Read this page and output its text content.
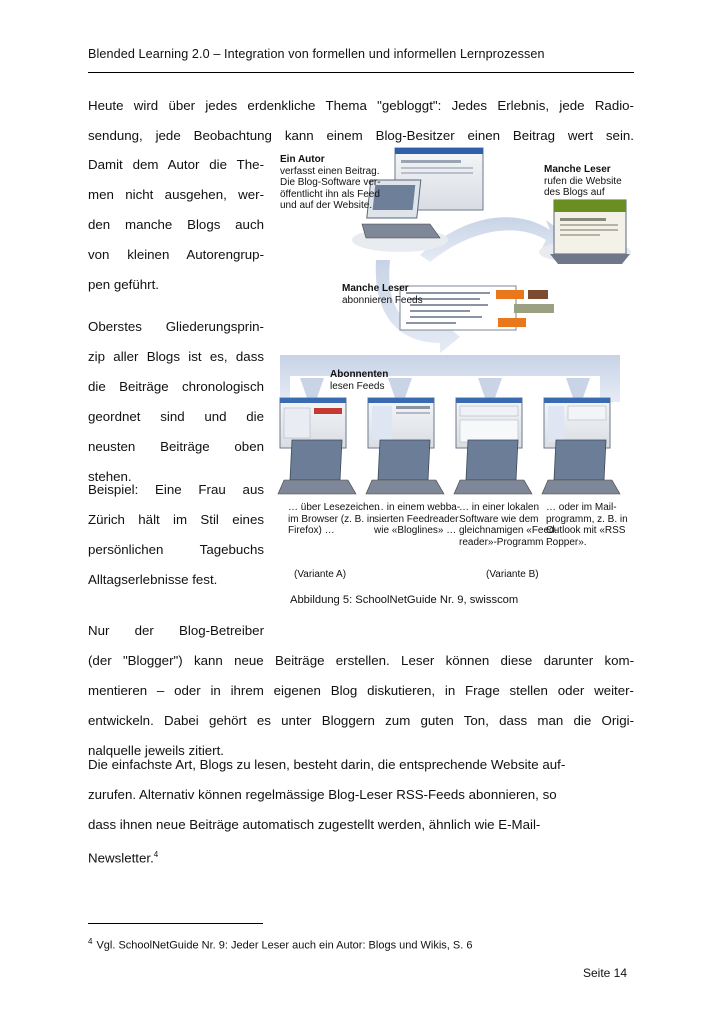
Blended Learning 2.0 – Integration von formellen und informellen Lernprozessen
Heute wird über jedes erdenkliche Thema "gebloggt": Jedes Erlebnis, jede Radio-
sendung, jede Beobachtung kann einem Blog-Besitzer einen Beitrag wert sein.
Damit dem Autor die The-
men nicht ausgehen, wer-
den manche Blogs auch
von kleinen Autorengrup-
pen geführt.
Oberstes Gliederungsprin-
zip aller Blogs ist es, dass
die Beiträge chronologisch
geordnet sind und die
neusten Beiträge oben
stehen.
Beispiel: Eine Frau aus
Zürich hält im Stil eines
persönlichen Tagebuchs
Alltagserlebnisse fest.
Nur der Blog-Betreiber
(der "Blogger") kann neue Beiträge erstellen. Leser können diese darunter kom-
mentieren – oder in ihrem eigenen Blog diskutieren, in Frage stellen oder weiter-
entwickeln. Dabei gehört es unter Bloggern zum guten Ton, dass man die Origi-
nalquelle jeweils zitiert.
Die einfachste Art, Blogs zu lesen, besteht darin, die entsprechende Website auf-
zurufen. Alternativ können regelmässige Blog-Leser RSS-Feeds abonnieren, so
dass ihnen neue Beiträge automatisch zugestellt werden, ähnlich wie E-Mail-
Newsletter.$^4$
Ein Autor
verfasst einen Beitrag.
Die Blog-Software ver-
öffentlicht ihn als Feed
und auf der Website.
Manche Leser
rufen die Website
des Blogs auf
Manche Leser
abonnieren Feeds
Abonnenten
lesen Feeds
… über Lesezeichen
im Browser (z. B. in
Firefox) …
… in einem webba-
sierten Feedreader
wie «Bloglines» …
… in einer lokalen
Software wie dem
gleichnamigen «Feed-
reader»-Programm …
… oder im Mail-
programm, z. B. in
Outlook mit «RSS
Popper».
(Variante A)	(Variante B)
Abbildung 5: SchoolNetGuide Nr. 9, swisscom
$^4$ Vgl. SchoolNetGuide Nr. 9: Jeder Leser auch ein Autor: Blogs und Wikis, S. 6
Seite 14
